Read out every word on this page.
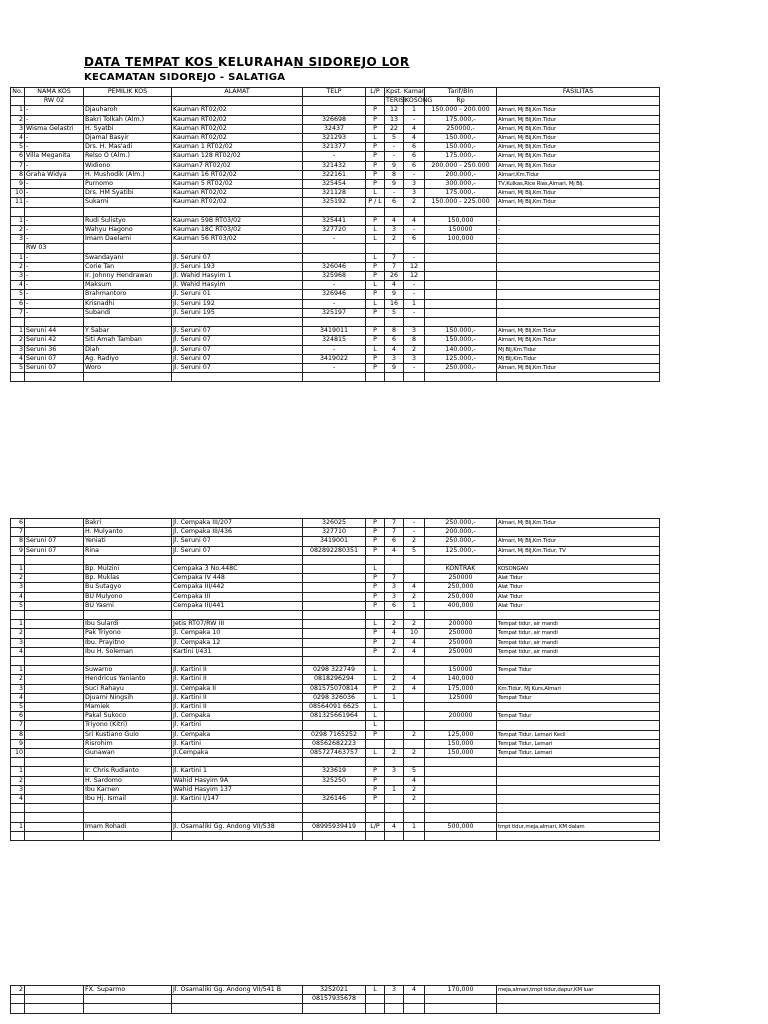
DATA TEMPAT KOS KELURAHAN SIDOREJO LOR
KECAMATAN SIDOREJO - SALATIGA
No.	NAMA KOS	PEMILIK KOS	ALAMAT	TELP	L/P	Kpst. Kamar		Tarif/Bln	FASILITAS
	RW 02					TERISI	KOSONG	Rp	
1	-	Djauharoh	Kauman RT02/02		P	12	1	150.000 - 200.000	Almari, Mj Blj,Km.Tidur
2	-	Bakri Tolkah (Alm.)	Kauman RT02/02	326698	P	13	-	175.000,-	Almari, Mj Blj,Km.Tidur
3	Wisma Gelastri	H. Syatbi	Kauman RT02/02	32437	P	22	4	250000,-	Almari, Mj Blj,Km.Tidur
4	-	Djamal Basyir	Kauman RT02/02	321293	L	5	4	150.000,-	Almari, Mj Blj,Km.Tidur
5	-	Drs. H. Mas'adi	Kauman 1 RT02/02	321377	P	-	6	150.000,-	Almari, Mj Blj,Km.Tidur
6	Villa Meganita	Relso O (Alm.)	Kauman 128 RT02/02	-	P	-	6	175.000,-	Almari, Mj Blj,Km.Tidur
7	-	Widiono	Kauman7 RT02/02	321432	P	9	6	200.000 - 250.000	Almari, Mj Blj,Km.Tidur
8	Graha Widya	H. Mushodik (Alm.)	Kauman 16 RT02/02	322161	P	8	-	200.000,-	Almari,Km.Tidur
9	-	Purnomo	Kauman 5 RT02/02	325454	P	9	3	300.000,-	TV,Kulkas,Rice Rias,Almari, Mj Blj.
10	-	Drs. HM Syatibi	Kauman RT02/02	321128	L	-	3	175.000,-	Almari, Mj Blj,Km.Tidur
11	-	Sukarni	Kauman RT02/02	325192	P / L	6	2	150.000 - 225.000	Almari, Mj Blj,Km.Tidur

1	-	Rudi Sulistyo	Kauman 59B RT03/02	325441	P	4	4	150,000	-
2	-	Wahyu Hagono	Kauman 18C RT03/02	327720	L	3	-	150000	-
3	-	Imam Daelami	Kauman 56 RT03/02	-	L	2	6	100,000	-
	RW 03								
1	-	Swandayani	Jl. Seruni 07		L	7	-		
2	-	Corie Tan	Jl. Seruni 193	326046	P	7	12		
3	-	Ir. Johnny Hendrawan	Jl. Wahid Hasyim 1	325968	P	26	12		
4	-	Maksum	Jl. Wahid Hasyim	-	L	4	-		
5	-	Brahmantoro	Jl. Seruni 01	326946	P	9	-		
6	-	Krisnadhi	Jl. Seruni 192	-	L	16	1		
7	-	Subandi	Jl. Seruni 195	325197	P	5	-		

1	Seruni 44	Y Sabar	Jl. Seruni 07	3419011	P	8	3	150.000,-	Almari, Mj Blj,Km.Tidur
2	Seruni 42	Siti Amah Tamban	Jl. Seruni 07	324815	P	6	8	150.000,-	Almari, Mj Blj,Km.Tidur
3	Seruni 36	Diah	Jl. Seruni 07	-	L	4	2	140.000,-	Mj Blj,Km.Tidur
4	Seruni 07	Ag. Radiyo	Jl. Seruni 07	3419022	P	3	3	125.000,-	Mj Blj,Km.Tidur
5	Seruni 07	Woro	Jl. Seruni 07	-	P	9	-	250.000,-	Almari, Mj Blj,Km.Tidur

6		Bakri	Jl. Cempaka III/207	326025	P	7	-	250.000,-	Almari, Mj Blj,Km.Tidur
7		H. Mulyanto	Jl. Cempaka III/436	327710	P	7	-	200.000,-	
8	Seruni 07	Yeniati	Jl. Seruni 07	3419001	P	6	2	250.000,-	Almari, Mj Blj,Km.Tidur
9	Seruni 07	Rina	Jl. Seruni 07	082892280351	P	4	5	125.000,-	Almari, Mj Blj,Km.Tidur, TV

1		Bp. Mulzini	Cempaka 3 No.448C		L			KONTRAK	KOSONGAN
2		Bp. Muklas	Cempaka IV 448		P	7		250000	Alat Tidur
3		Bu Sutagyo	Cempaka III/442		P	3	4	250,000	Alat Tidur
4		BU Mulyono	Cempaka III		P	3	2	250,000	Alat Tidur
5		BU Yasmi	Cempaka III/441		P	6	1	400,000	Alat Tidur

1		Ibu Sulardi	Jetis RT07/RW III		L	2	2	200000	Tempat tidur, air mandi
2		Pak Triyono	Jl. Cempaka 10		P	4	10	250000	Tempat tidur, air mandi
3		Ibu. Prayitno	Jl. Cempaka 12		P	2	4	250000	Tempat tidur, air mandi
4		Ibu H. Soleman	Kartini I/431		P	2	4	250000	Tempat tidur, air mandi

1		Suwarno	Jl. Kartini II	0298 322749	L			150000	Tempat Tidur
2		Hendricus Yanianto	Jl. Kartini II	0818296294	L	2	4	140,000	
3		Suci Rahayu	Jl. Cempaka II	081575070814	P	2	4	175,000	Km.Tidur, Mj Kurs,Almari
4		Djuarni Ningsih	Jl. Kartini II	0298 326036	L	1		125000	Tempat Tidur
5		Mamiek	Jl. Kartini II	08564091 6625	L				
6		Pakal Sukoco	Jl. Cempaka	081325661964	L			200000	Tempat Tidur
7		Triyono (Kitri)	Jl. Kartini		L				
8		Sri Kustiano Gulo	Jl. Cempaka	0298 7165252	P		2	125,000	Tempat Tidur, Lemari Kecil
9		Risrohim	Jl. Kartini	08562682223				150,000	Tempat Tidur, Lemari
10		Gunawan	Jl.Cempaka	085727463757	L	2	2	150,000	Tempat Tidur, Lemari

1		Ir. Chris Rudianto	Jl. Kartini 1	323619	P	3	5		
2		H. Sardomo	Wahid Hasyim 9A	325250	P		4		
3		Ibu Karnen	Wahid Hasyim 137		P	1	2		
4		Ibu Hj. Ismail	Jl. Kartini I/147	326146	P		2		

1		Imam Rohadi	Jl. Osamaliki Gg. Andong VII/538	08995939419	L/P	4	1	500,000	tmpt tidur,meja,almari, KM dalam

2		FX. Suparmo	Jl. Osamaliki Gg. Andong VII/541 B	3252021	L	3	4	170,000	meja,almari,tmpt tidur,dapur,KM luar
				08157935678					
